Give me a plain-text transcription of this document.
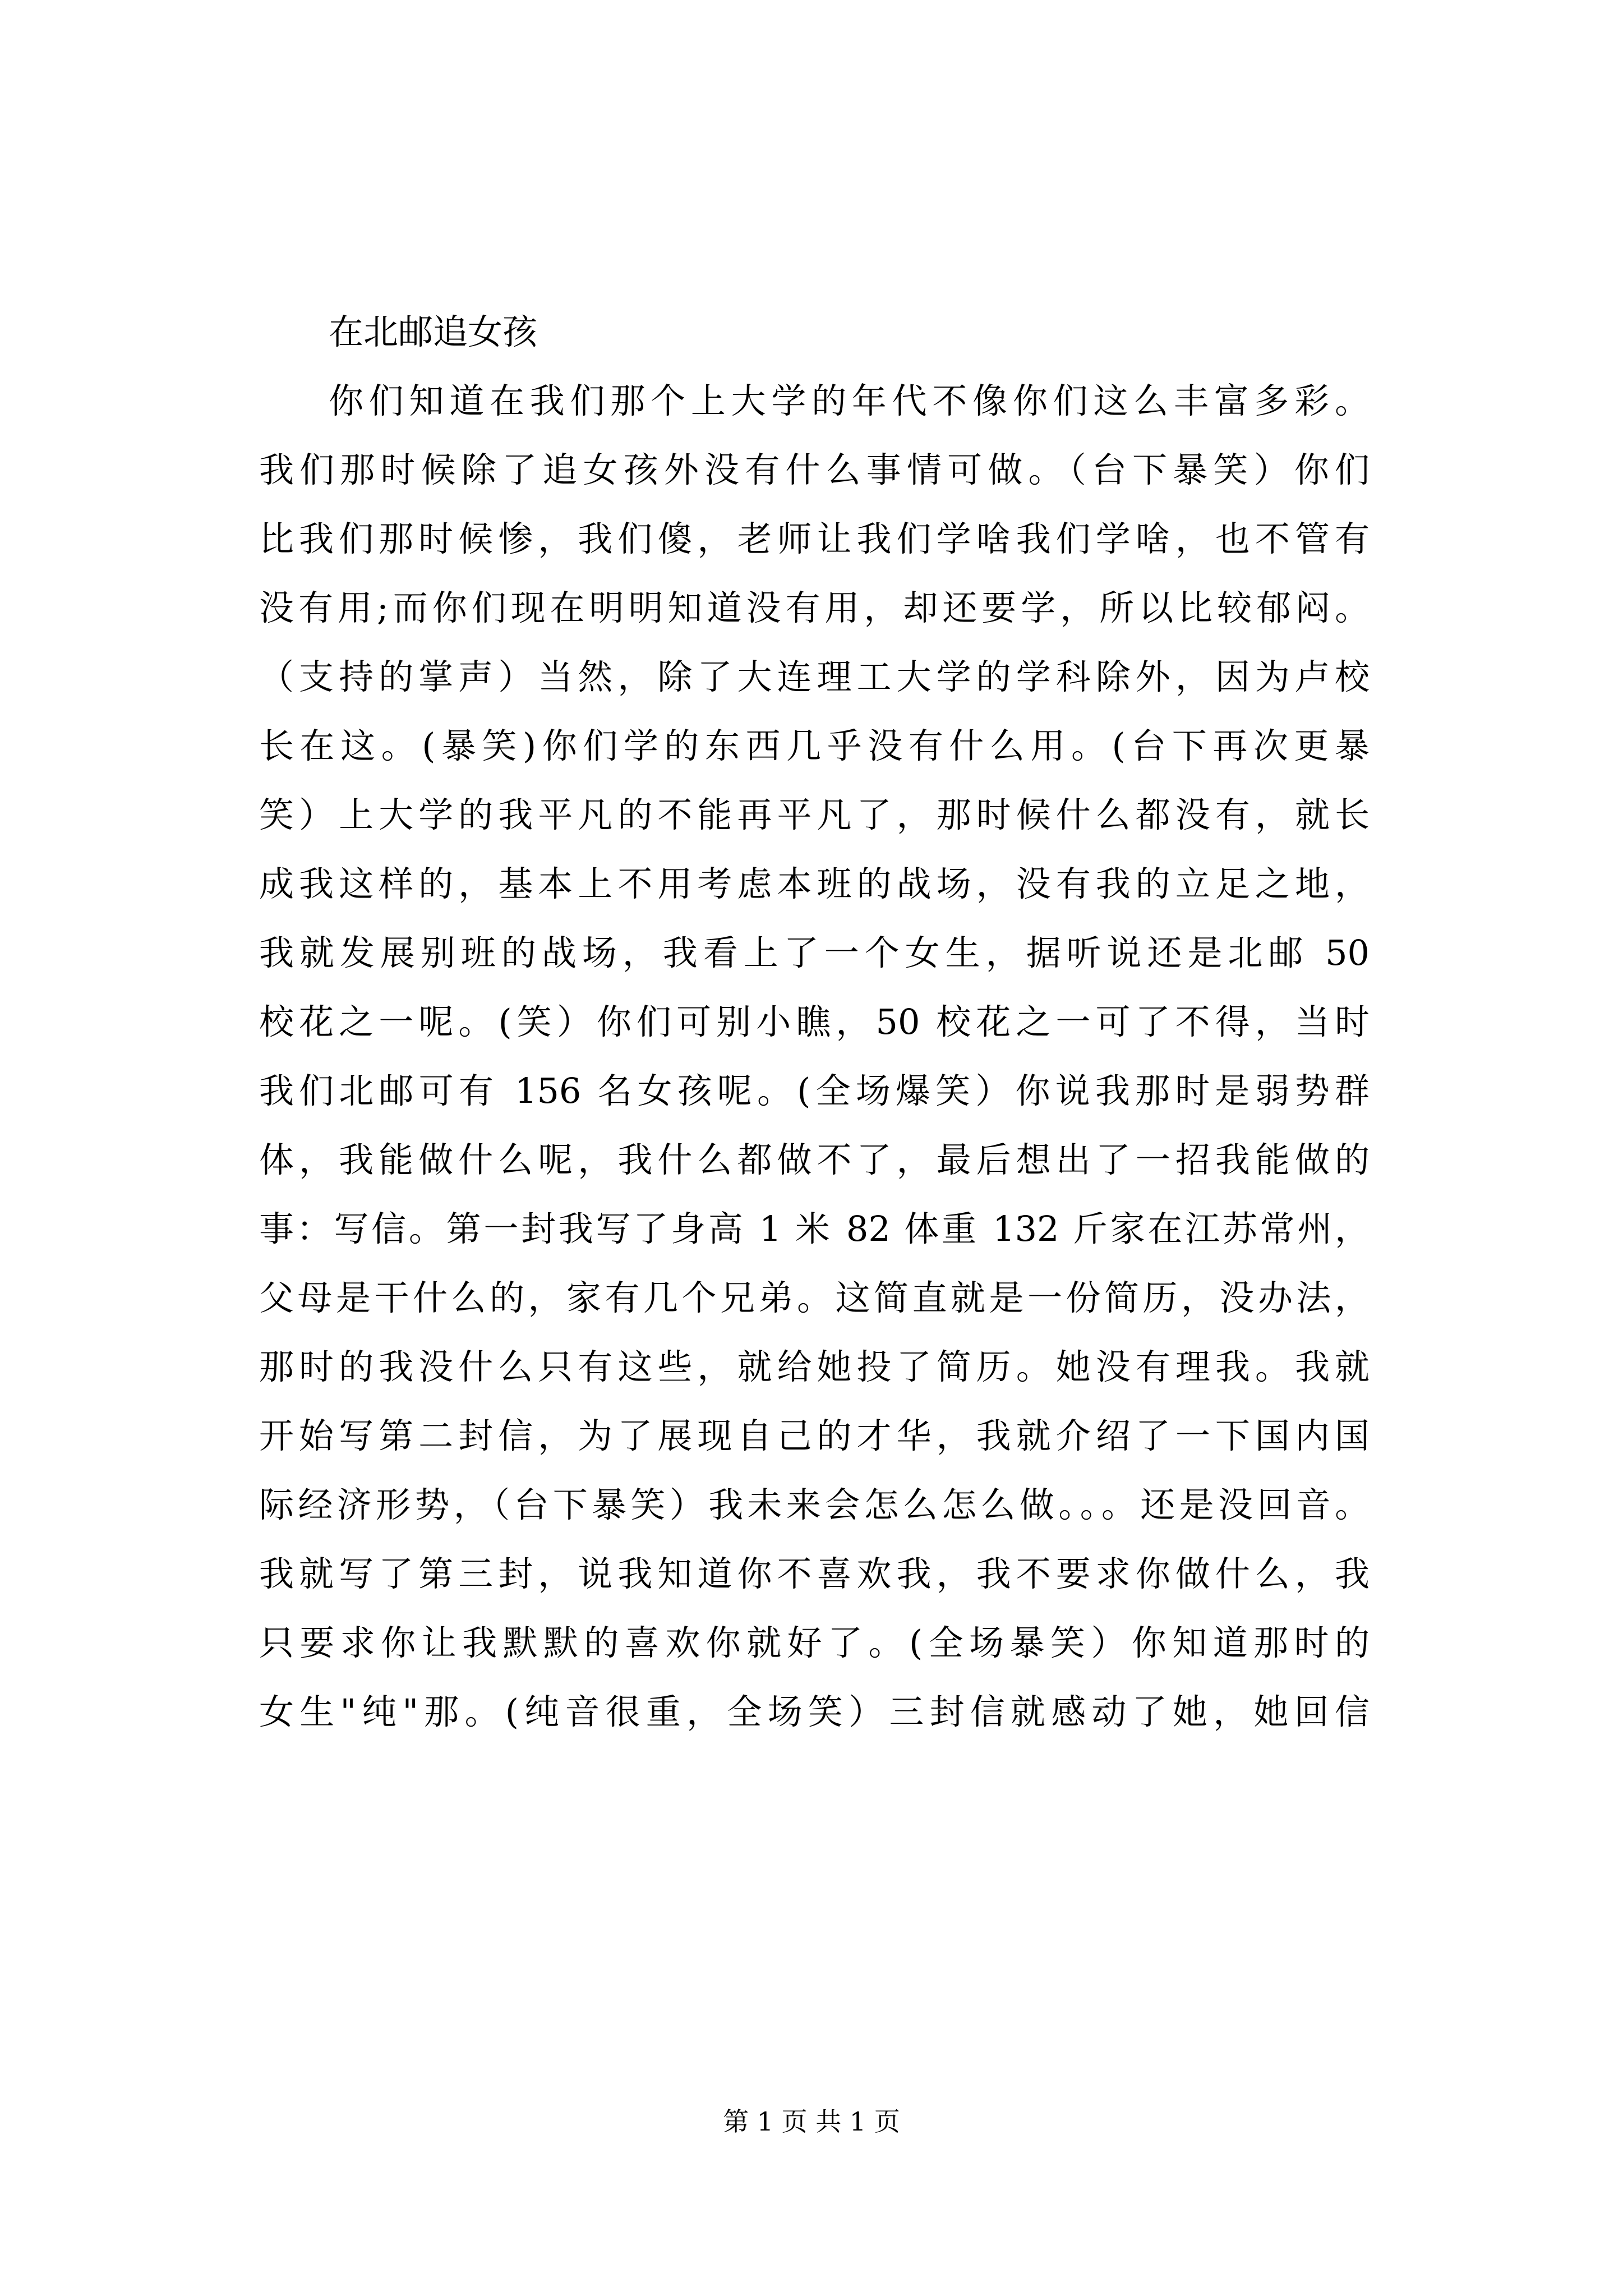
在北邮追女孩

你们知道在我们那个上大学的年代不像你们这么丰富多彩。

我们那时候除了追女孩外没有什么事情可做。（台下暴笑）你们

比我们那时候惨，我们傻，老师让我们学啥我们学啥，也不管有

没有用;而你们现在明明知道没有用，却还要学，所以比较郁闷。

（支持的掌声）当然，除了大连理工大学的学科除外，因为卢校

长在这。(暴笑)你们学的东西几乎没有什么用。(台下再次更暴

笑）上大学的我平凡的不能再平凡了，那时候什么都没有，就长

成我这样的，基本上不用考虑本班的战场，没有我的立足之地，

我就发展别班的战场，我看上了一个女生，据听说还是北邮 50

校花之一呢。(笑）你们可别小瞧，50 校花之一可了不得，当时

我们北邮可有 156 名女孩呢。(全场爆笑）你说我那时是弱势群

体，我能做什么呢，我什么都做不了，最后想出了一招我能做的

事：写信。第一封我写了身高 1 米 82 体重 132 斤家在江苏常州，

父母是干什么的，家有几个兄弟。这简直就是一份简历，没办法，

那时的我没什么只有这些，就给她投了简历。她没有理我。我就

开始写第二封信，为了展现自己的才华，我就介绍了一下国内国

际经济形势，（台下暴笑）我未来会怎么怎么做。。。还是没回音。

我就写了第三封，说我知道你不喜欢我，我不要求你做什么，我

只要求你让我默默的喜欢你就好了。(全场暴笑）你知道那时的

女生"纯"那。(纯音很重，全场笑）三封信就感动了她，她回信

第 1 页 共 1 页
